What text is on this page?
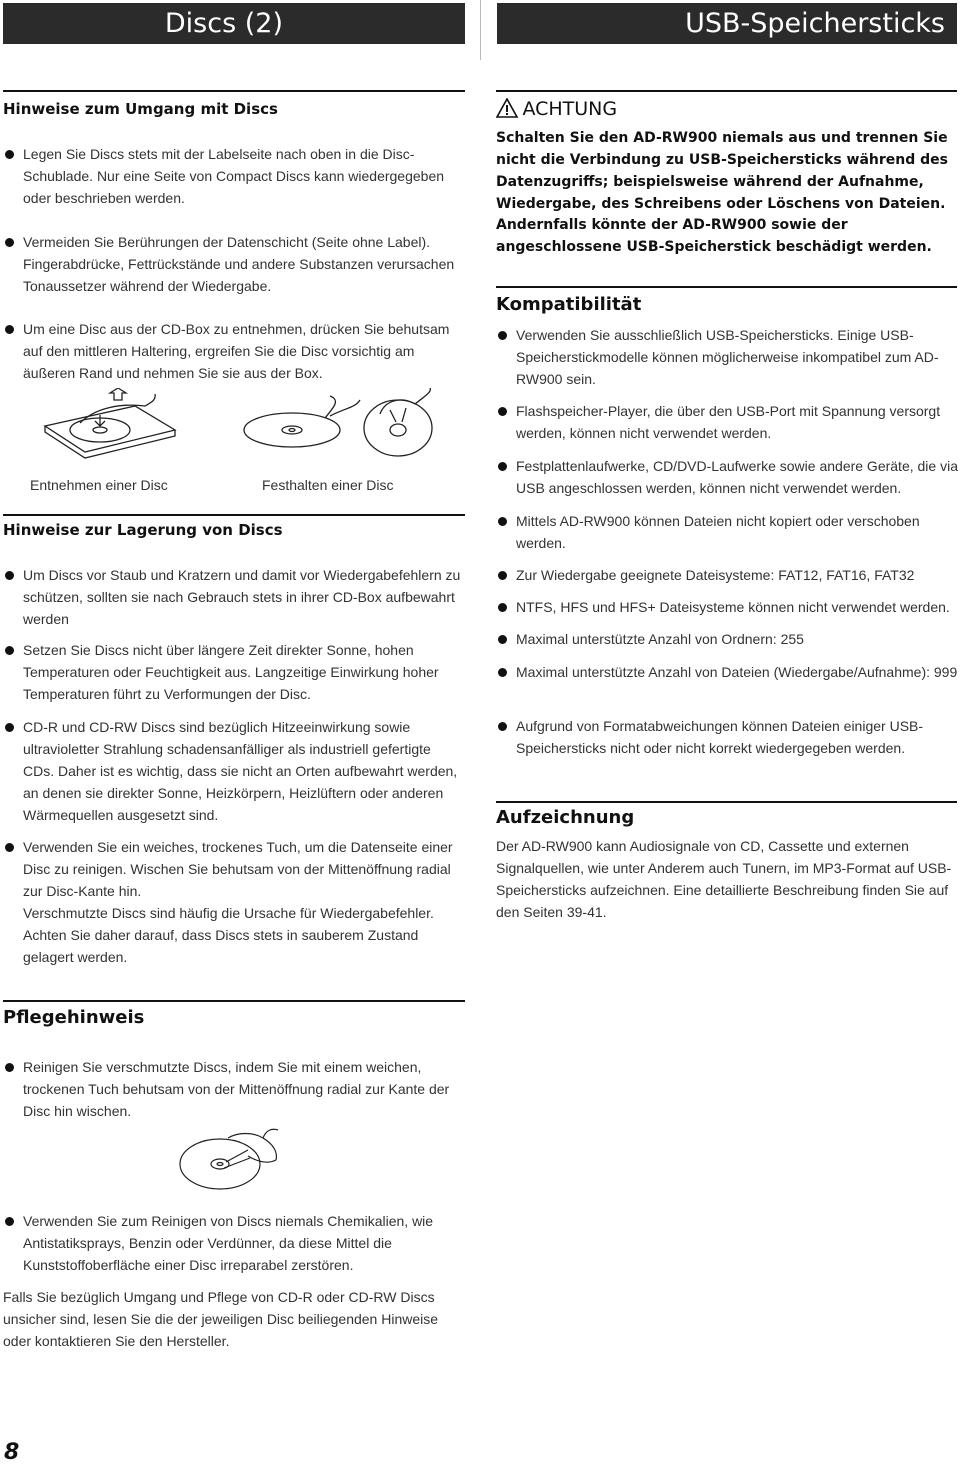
Discs (2)	USB-Speichersticks
Hinweise zum Umgang mit Discs
Legen Sie Discs stets mit der Labelseite nach oben in die Disc-Schublade. Nur eine Seite von Compact Discs kann wiedergegeben oder beschrieben werden.
Vermeiden Sie Berührungen der Datenschicht (Seite ohne Label). Fingerabdrücke, Fettrückstände und andere Substanzen verursachen Tonaussetzer während der Wiedergabe.
Um eine Disc aus der CD-Box zu entnehmen, drücken Sie behutsam auf den mittleren Haltering, ergreifen Sie die Disc vorsichtig am äußeren Rand und nehmen Sie sie aus der Box.
Entnehmen einer Disc	Festhalten einer Disc
Hinweise zur Lagerung von Discs
Um Discs vor Staub und Kratzern und damit vor Wiedergabefehlern zu schützen, sollten sie nach Gebrauch stets in ihrer CD-Box aufbewahrt werden
Setzen Sie Discs nicht über längere Zeit direkter Sonne, hohen Temperaturen oder Feuchtigkeit aus. Langzeitige Einwirkung hoher Temperaturen führt zu Verformungen der Disc.
CD-R und CD-RW Discs sind bezüglich Hitzeeinwirkung sowie ultravioletter Strahlung schadensanfälliger als industriell gefertigte CDs. Daher ist es wichtig, dass sie nicht an Orten aufbewahrt werden, an denen sie direkter Sonne, Heizkörpern, Heizlüftern oder anderen Wärmequellen ausgesetzt sind.
Verwenden Sie ein weiches, trockenes Tuch, um die Datenseite einer Disc zu reinigen. Wischen Sie behutsam von der Mittenöffnung radial zur Disc-Kante hin.
Verschmutzte Discs sind häufig die Ursache für Wiedergabefehler. Achten Sie daher darauf, dass Discs stets in sauberem Zustand gelagert werden.
Pflegehinweis
Reinigen Sie verschmutzte Discs, indem Sie mit einem weichen, trockenen Tuch behutsam von der Mittenöffnung radial zur Kante der Disc hin wischen.
Verwenden Sie zum Reinigen von Discs niemals Chemikalien, wie Antistatiksprays, Benzin oder Verdünner, da diese Mittel die Kunststoffoberfläche einer Disc irreparabel zerstören.
Falls Sie bezüglich Umgang und Pflege von CD-R oder CD-RW Discs unsicher sind, lesen Sie die der jeweiligen Disc beiliegenden Hinweise oder kontaktieren Sie den Hersteller.
8
ACHTUNG
Schalten Sie den AD-RW900 niemals aus und trennen Sie nicht die Verbindung zu USB-Speichersticks während des Datenzugriffs; beispielsweise während der Aufnahme, Wiedergabe, des Schreibens oder Löschens von Dateien.
Andernfalls könnte der AD-RW900 sowie der angeschlossene USB-Speicherstick beschädigt werden.
Kompatibilität
Verwenden Sie ausschließlich USB-Speichersticks. Einige USB-Speicherstickmodelle können möglicherweise inkompatibel zum AD-RW900 sein.
Flashspeicher-Player, die über den USB-Port mit Spannung versorgt werden, können nicht verwendet werden.
Festplattenlaufwerke, CD/DVD-Laufwerke sowie andere Geräte, die via USB angeschlossen werden, können nicht verwendet werden.
Mittels AD-RW900 können Dateien nicht kopiert oder verschoben werden.
Zur Wiedergabe geeignete Dateisysteme: FAT12, FAT16, FAT32
NTFS, HFS und HFS+ Dateisysteme können nicht verwendet werden.
Maximal unterstützte Anzahl von Ordnern: 255
Maximal unterstützte Anzahl von Dateien (Wiedergabe/Aufnahme): 999
Aufgrund von Formatabweichungen können Dateien einiger USB-Speichersticks nicht oder nicht korrekt wiedergegeben werden.
Aufzeichnung
Der AD-RW900 kann Audiosignale von CD, Cassette und externen Signalquellen, wie unter Anderem auch Tunern, im MP3-Format auf USB-Speichersticks aufzeichnen. Eine detaillierte Beschreibung finden Sie auf den Seiten 39-41.
